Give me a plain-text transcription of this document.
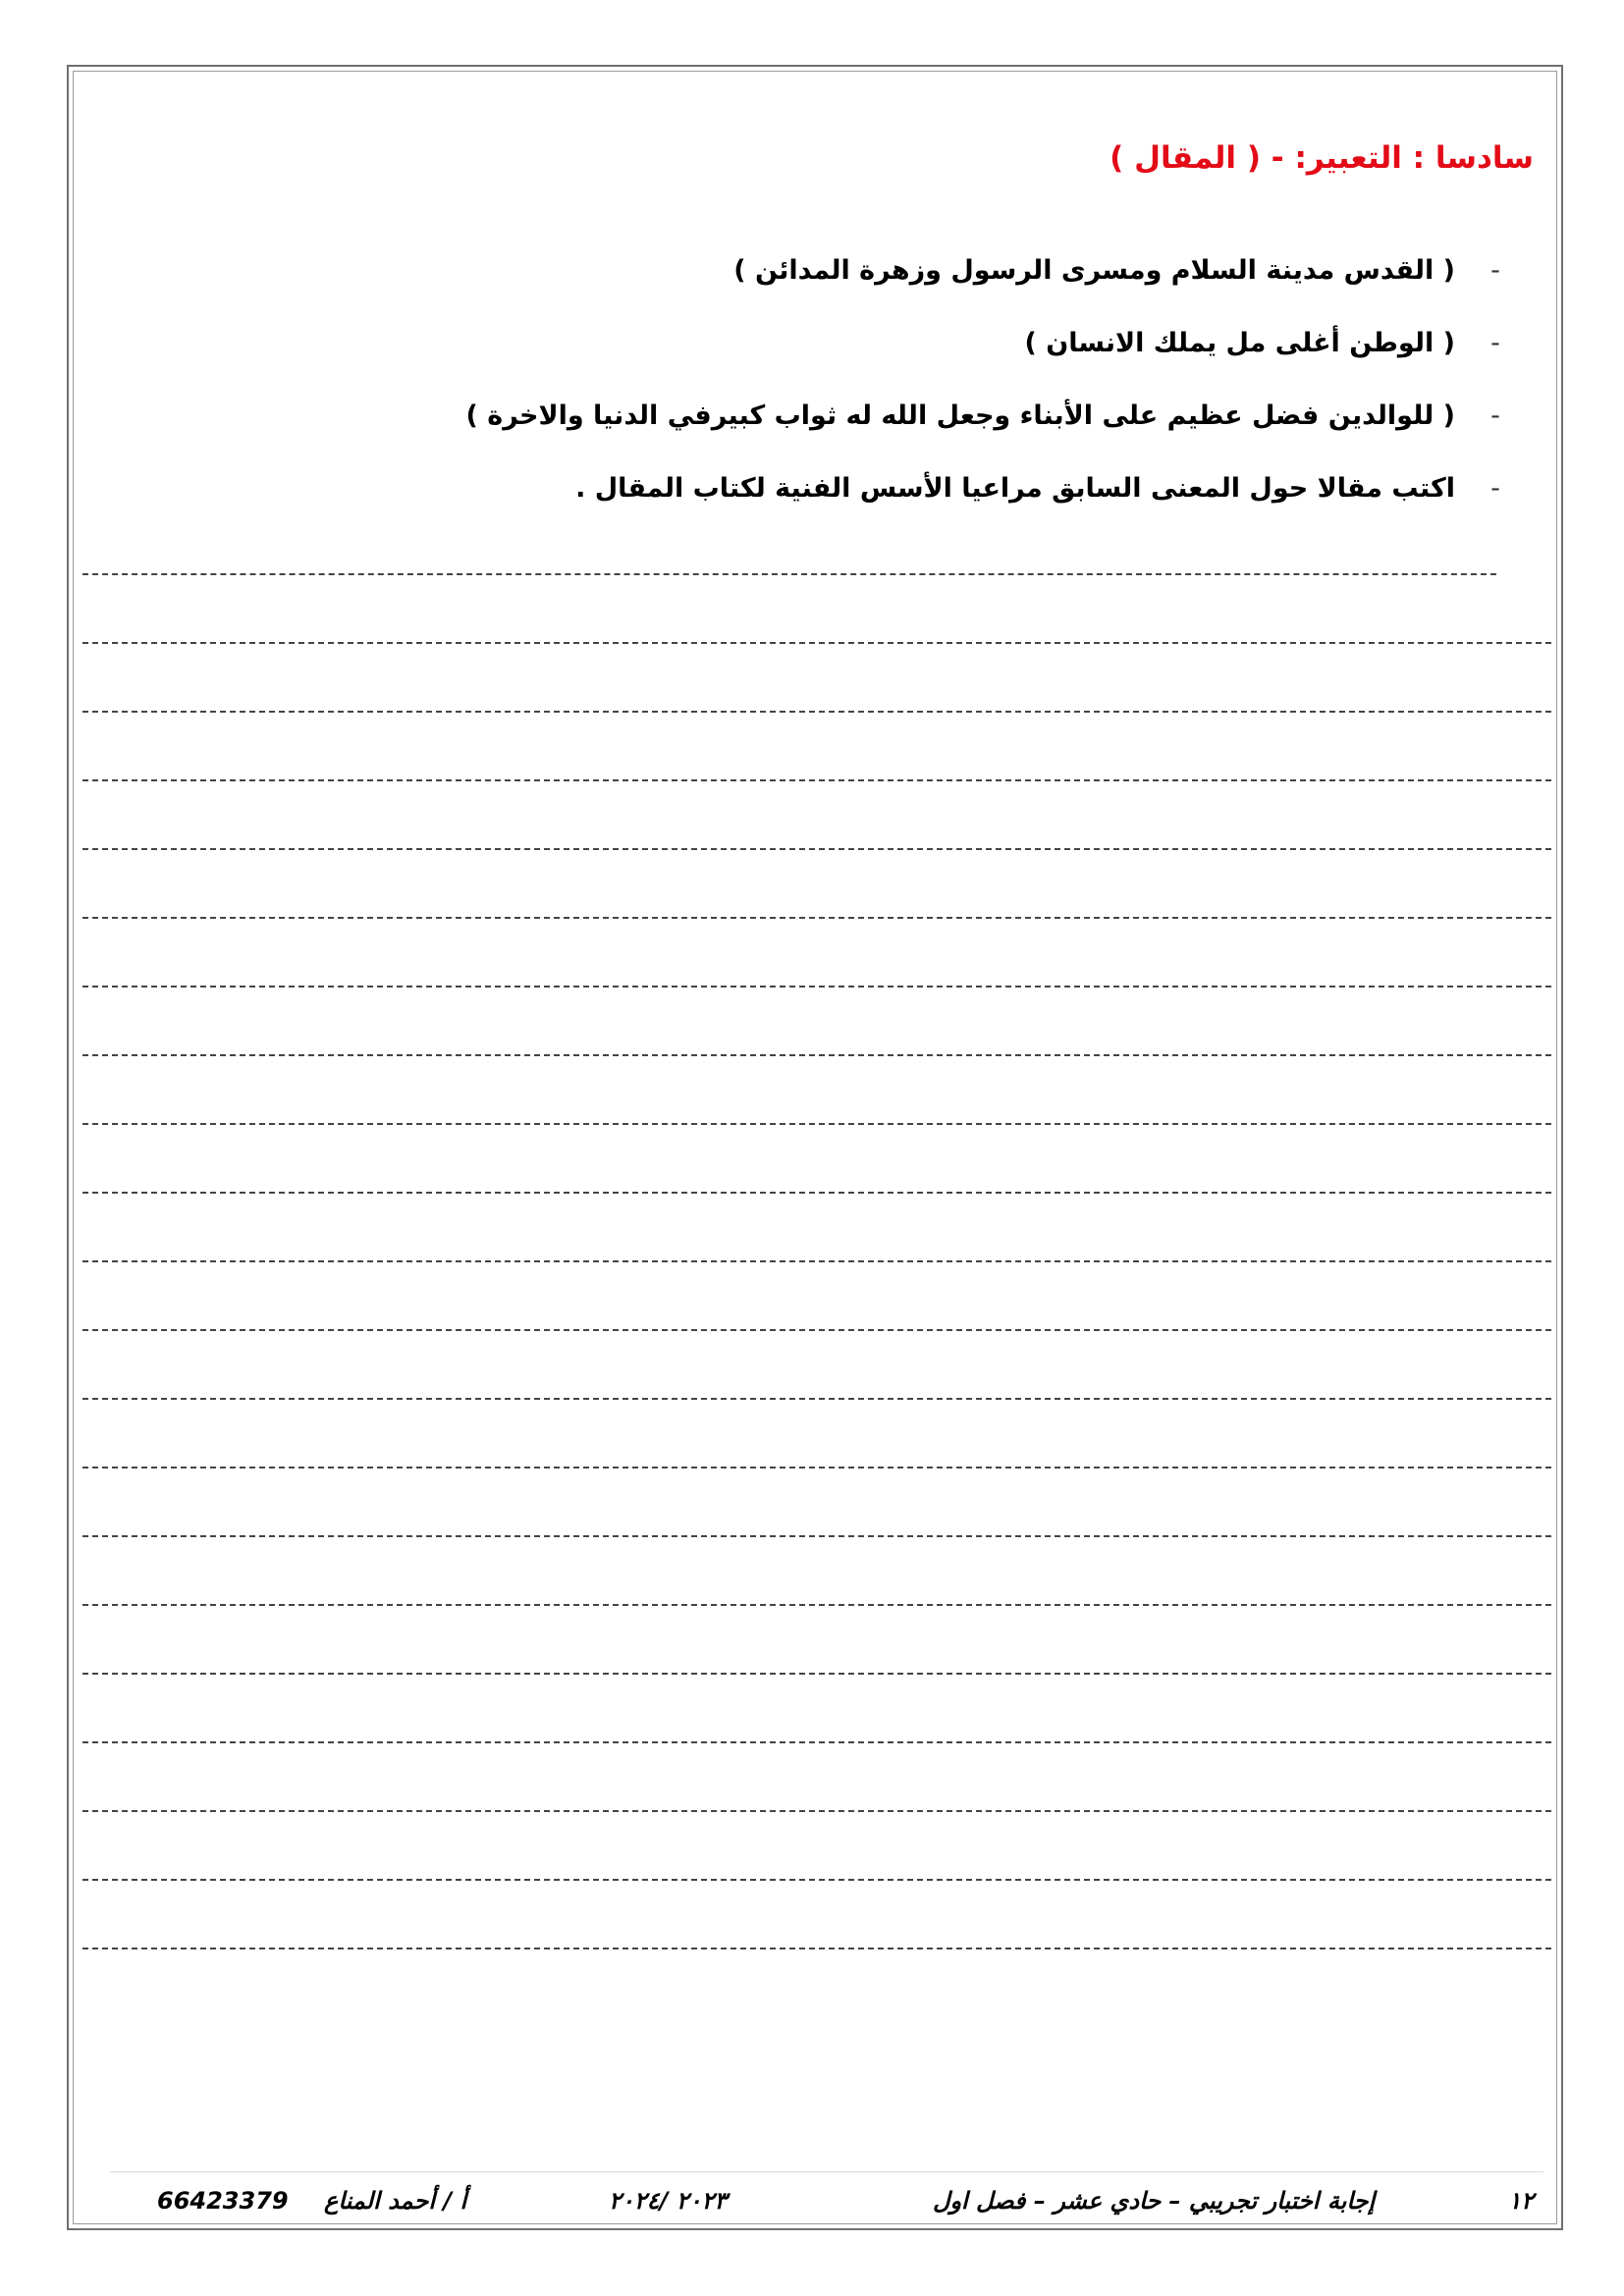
سادسا : التعبير: - ( المقال )
-
( القدس مدينة السلام ومسرى الرسول وزهرة المدائن )
-
( الوطن أغلى مل يملك الانسان )
-
( للوالدين فضل عظيم على الأبناء وجعل الله له ثواب كبيرفي الدنيا والاخرة )
-
اكتب مقالا حول المعنى السابق مراعيا الأسس الفنية لكتاب المقال .
١٢
إجابة اختبار تجريبي – حادي عشر – فصل اول
٢٠٢٣ /٢٠٢٤
أ / أحمد المناع
66423379
